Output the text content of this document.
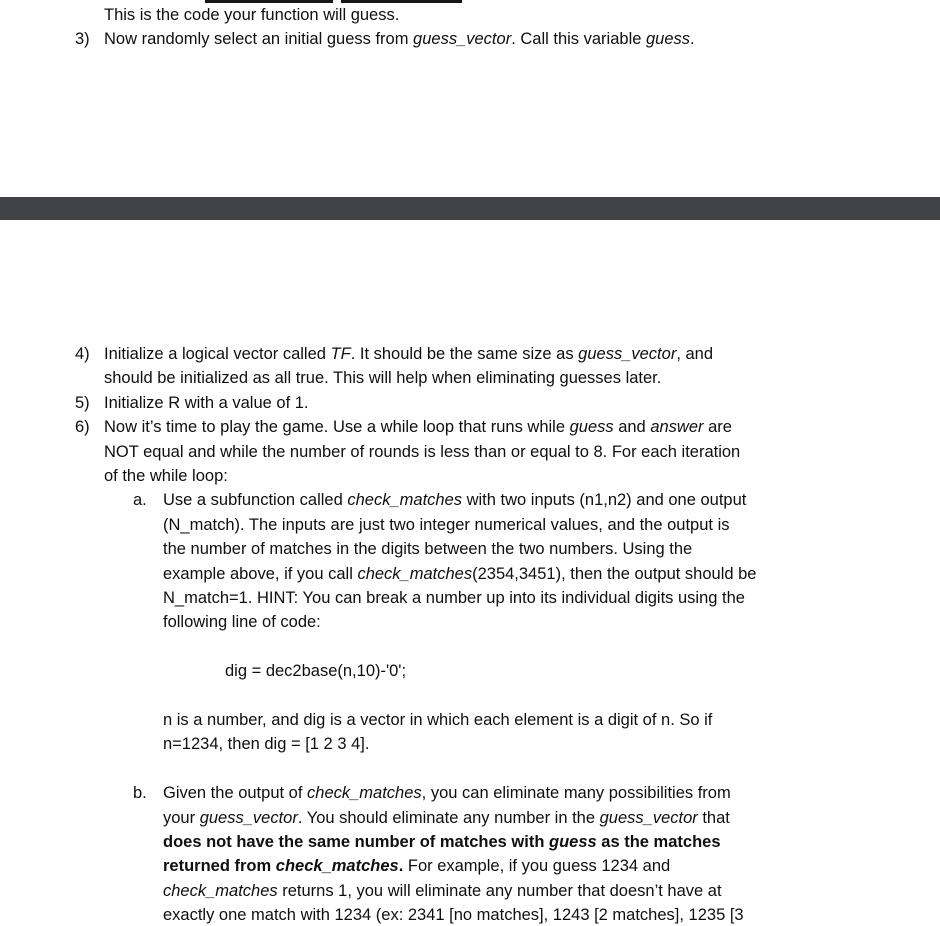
This is the code your function will guess.
3) Now randomly select an initial guess from guess_vector. Call this variable guess.
4) Initialize a logical vector called TF. It should be the same size as guess_vector, and
should be initialized as all true. This will help when eliminating guesses later.
5) Initialize R with a value of 1.
6) Now it’s time to play the game. Use a while loop that runs while guess and answer are
NOT equal and while the number of rounds is less than or equal to 8. For each iteration
of the while loop:
a. Use a subfunction called check_matches with two inputs (n1,n2) and one output
(N_match). The inputs are just two integer numerical values, and the output is
the number of matches in the digits between the two numbers. Using the
example above, if you call check_matches(2354,3451), then the output should be
N_match=1. HINT: You can break a number up into its individual digits using the
following line of code:
dig = dec2base(n,10)-'0';
n is a number, and dig is a vector in which each element is a digit of n. So if
n=1234, then dig = [1 2 3 4].
b. Given the output of check_matches, you can eliminate many possibilities from
your guess_vector. You should eliminate any number in the guess_vector that
does not have the same number of matches with guess as the matches
returned from check_matches. For example, if you guess 1234 and
check_matches returns 1, you will eliminate any number that doesn’t have at
exactly one match with 1234 (ex: 2341 [no matches], 1243 [2 matches], 1235 [3
